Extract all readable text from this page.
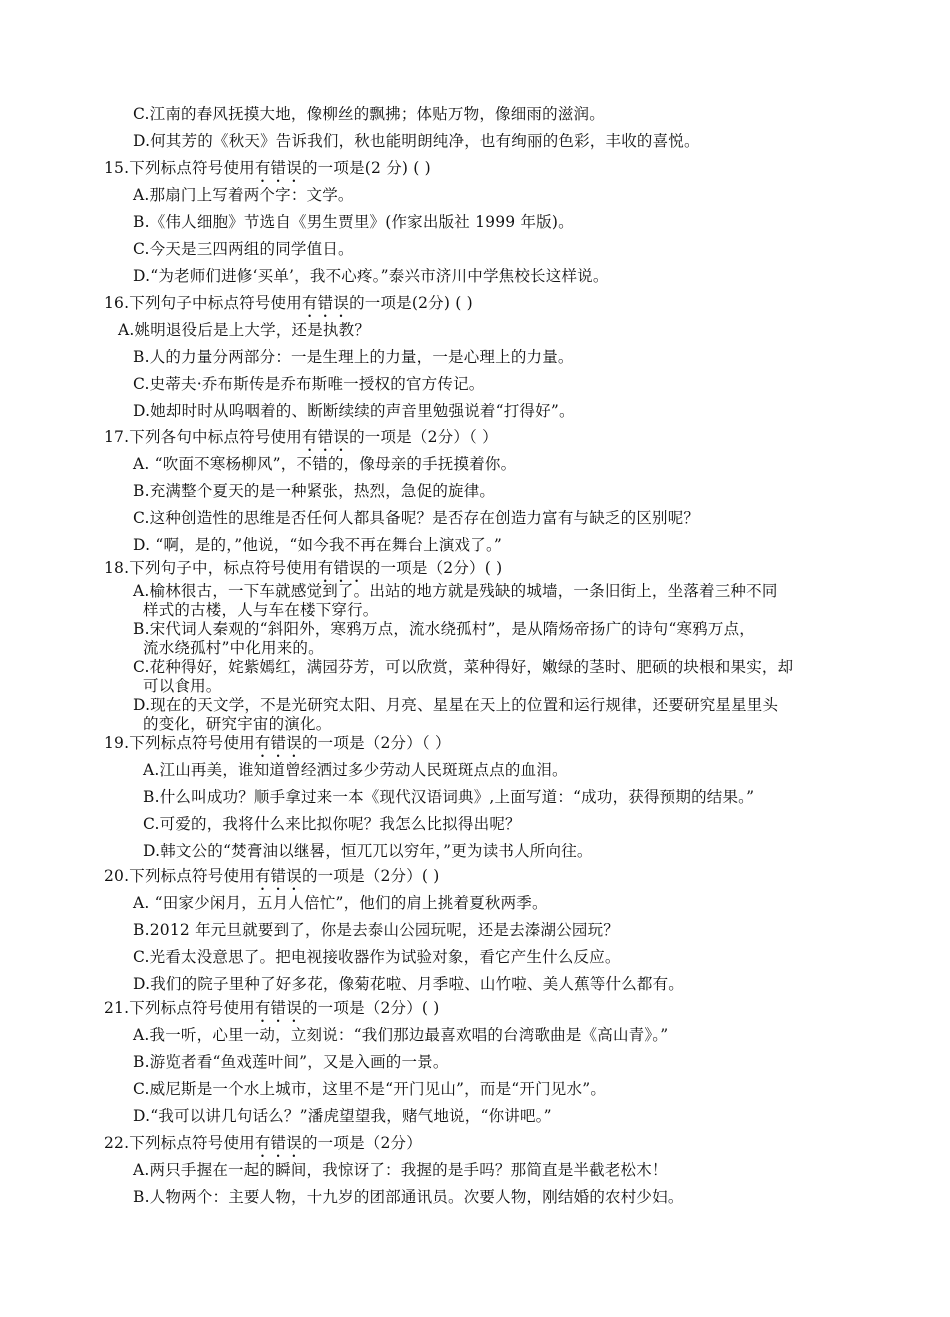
C.江南的春风抚摸大地，像柳丝的飘拂；体贴万物，像细雨的滋润。
D.何其芳的《秋天》告诉我们，秋也能明朗纯净，也有绚丽的色彩，丰收的喜悦。
15.下列标点符号使用有错误的一项是(2 分) ( )
A.那扇门上写着两个字：文学。
B.《伟人细胞》节选自《男生贾里》(作家出版社 1999 年版)。
C.今天是三四两组的同学值日。
D.“为老师们进修‘买单’，我不心疼。”泰兴市济川中学焦校长这样说。
16.下列句子中标点符号使用有错误的一项是(2分) ( )
A.姚明退役后是上大学，还是执教？
B.人的力量分两部分：一是生理上的力量，一是心理上的力量。
C.史蒂夫·乔布斯传是乔布斯唯一授权的官方传记。
D.她却时时从呜咽着的、断断续续的声音里勉强说着“打得好”。
17.下列各句中标点符号使用有错误的一项是（2分）（ ）
A. “吹面不寒杨柳风”，不错的，像母亲的手抚摸着你。
B.充满整个夏天的是一种紧张，热烈，急促的旋律。
C.这种创造性的思维是否任何人都具备呢？是否存在创造力富有与缺乏的区别呢？
D. “啊，是的，”他说，“如今我不再在舞台上演戏了。”
18.下列句子中，标点符号使用有错误的一项是（2分）( )
A.榆林很古，一下车就感觉到了。出站的地方就是残缺的城墙，一条旧街上，坐落着三种不同
样式的古楼，人与车在楼下穿行。
B.宋代词人秦观的“斜阳外，寒鸦万点，流水绕孤村”，是从隋炀帝扬广的诗句“寒鸦万点，
流水绕孤村”中化用来的。
C.花种得好，姹紫嫣红，满园芬芳，可以欣赏，菜种得好，嫩绿的茎时、肥硕的块根和果实，却
可以食用。
D.现在的天文学，不是光研究太阳、月亮、星星在天上的位置和运行规律，还要研究星星里头
的变化，研究宇宙的演化。
19.下列标点符号使用有错误的一项是（2分）（ ）
A.江山再美，谁知道曾经洒过多少劳动人民斑斑点点的血泪。
B.什么叫成功？顺手拿过来一本《现代汉语词典》,上面写道：“成功，获得预期的结果。”
C.可爱的，我将什么来比拟你呢？我怎么比拟得出呢？
D.韩文公的“焚膏油以继晷，恒兀兀以穷年，”更为读书人所向往。
20.下列标点符号使用有错误的一项是（2分）( )
A. “田家少闲月，五月人倍忙”，他们的肩上挑着夏秋两季。
B.2012 年元旦就要到了，你是去泰山公园玩呢，还是去溱湖公园玩？
C.光看太没意思了。把电视接收器作为试验对象，看它产生什么反应。
D.我们的院子里种了好多花，像菊花啦、月季啦、山竹啦、美人蕉等什么都有。
21.下列标点符号使用有错误的一项是（2分）( )
A.我一听，心里一动，立刻说：“我们那边最喜欢唱的台湾歌曲是《高山青》。”
B.游览者看“鱼戏莲叶间”，又是入画的一景。
C.威尼斯是一个水上城市，这里不是“开门见山”，而是“开门见水”。
D.“我可以讲几句话么？”潘虎望望我，赌气地说，“你讲吧。”
22.下列标点符号使用有错误的一项是（2分）
A.两只手握在一起的瞬间，我惊讶了：我握的是手吗？那简直是半截老松木！
B.人物两个：主要人物，十九岁的团部通讯员。次要人物，刚结婚的农村少妇。
